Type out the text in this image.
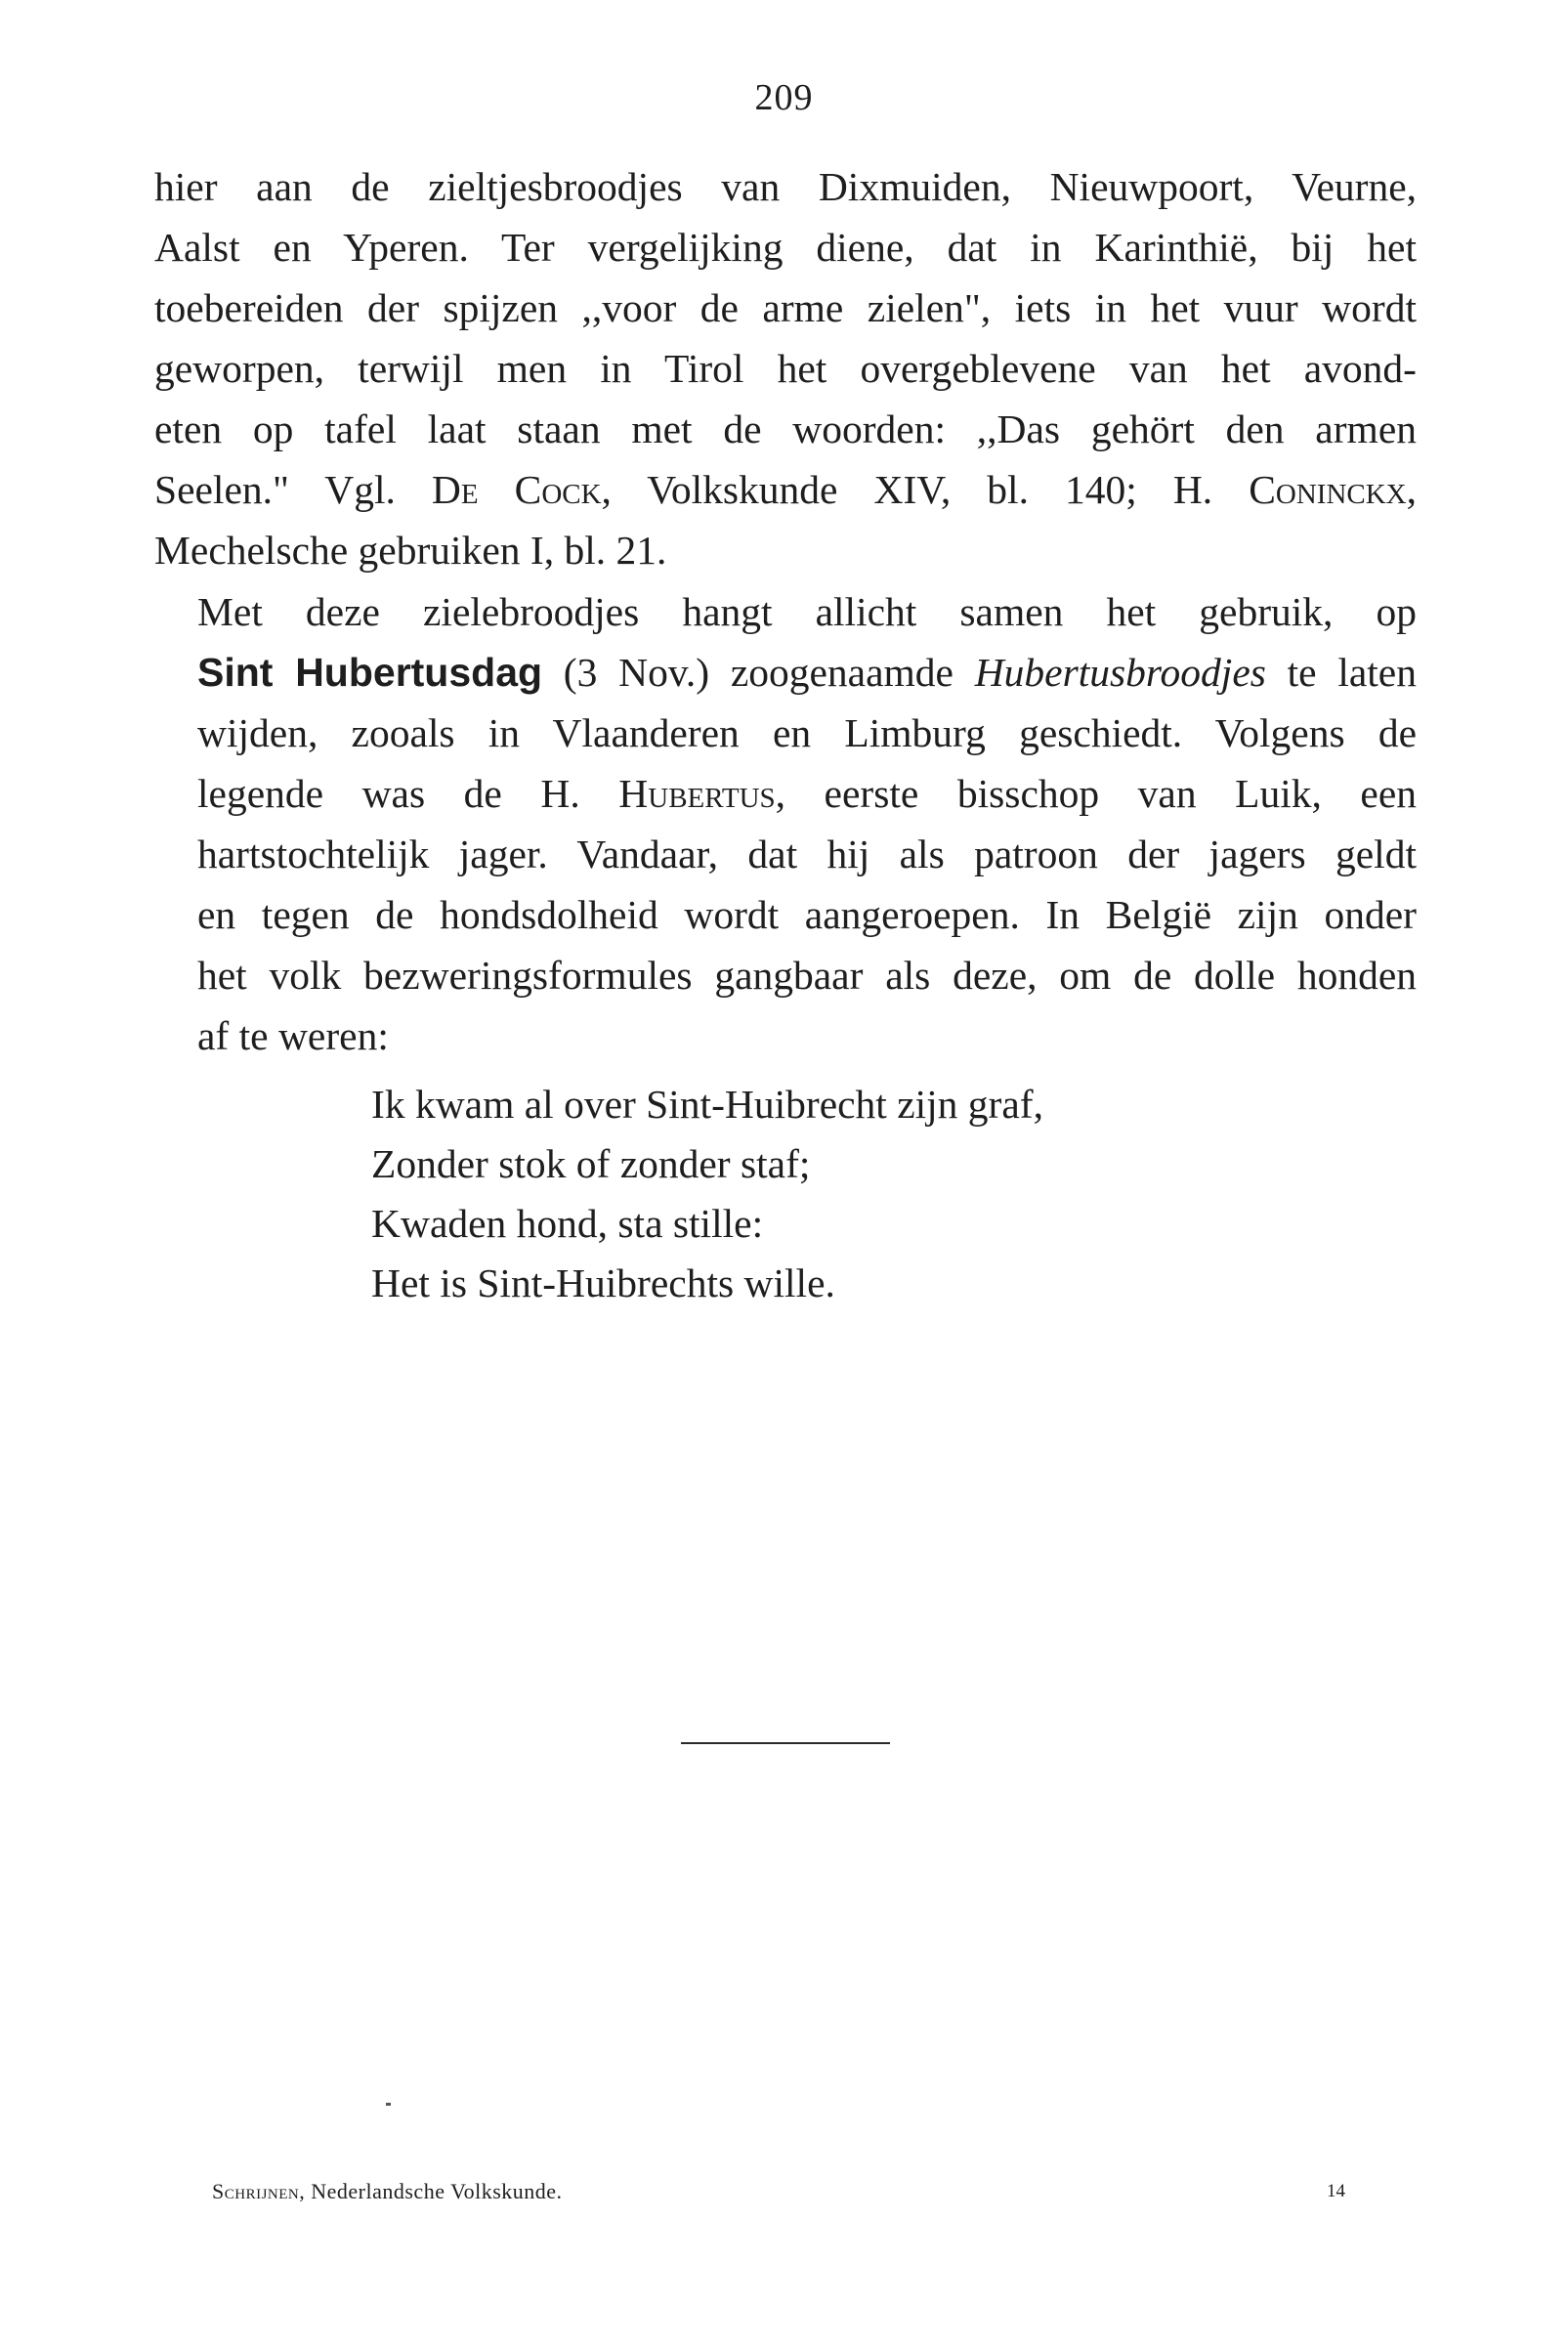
209

hier aan de zieltjesbroodjes van Dixmuiden, Nieuwpoort, Veurne,
Aalst en Yperen. Ter vergelijking diene, dat in Karinthië, bij het
toebereiden der spijzen ,,voor de arme zielen", iets in het vuur wordt
geworpen, terwijl men in Tirol het overgeblevene van het avond-
eten op tafel laat staan met de woorden: ,,Das gehört den armen
Seelen." Vgl. De Cock, Volkskunde XIV, bl. 140; H. Coninckx,
Mechelsche gebruiken I, bl. 21.

Met deze zielebroodjes hangt allicht samen het gebruik, op
Sint Hubertusdag (3 Nov.) zoogenaamde Hubertusbroodjes te laten
wijden, zooals in Vlaanderen en Limburg geschiedt. Volgens de
legende was de H. Hubertus, eerste bisschop van Luik, een
hartstochtelijk jager. Vandaar, dat hij als patroon der jagers geldt
en tegen de hondsdolheid wordt aangeroepen. In België zijn onder
het volk bezweringsformules gangbaar als deze, om de dolle honden
af te weren:

Ik kwam al over Sint-Huibrecht zijn graf,
Zonder stok of zonder staf;
Kwaden hond, sta stille:
Het is Sint-Huibrechts wille.
Schrijnen, Nederlandsche Volkskunde.	14
